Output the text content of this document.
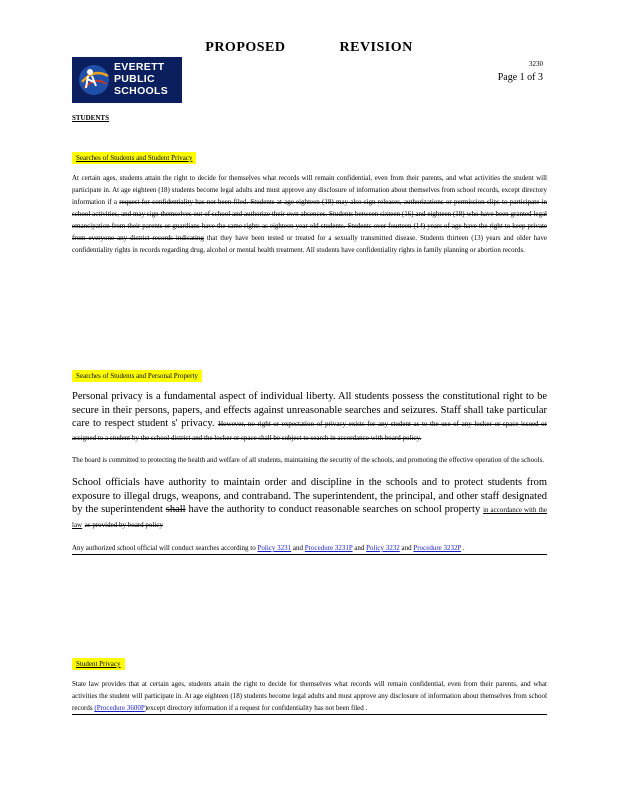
PROPOSED REVISION
EVERETT PUBLIC SCHOOLS
3230
Page 1 of 3
STUDENTS
Searches of Students and Student Privacy

At certain ages, students attain the right to decide for themselves what records will remain confidential, even from their parents, and what activities the student will participate in. At age eighteen (18) students become legal adults and must approve any disclosure of information about themselves from school records, except directory information if a request for confidentiality has not been filed. Students at age eighteen (18) may also sign releases, authorizations or permission slips to participate in school activities, and may sign themselves out of school and authorize their own absences. Students between sixteen (16) and eighteen (18) who have been granted legal emancipation from their parents or guardians have the same rights as eighteen year old students. Students over fourteen (14) years of age have the right to keep private from everyone any district records indicating that they have been tested or treated for a sexually transmitted disease. Students thirteen (13) years and older have confidentiality rights in records regarding drug, alcohol or mental health treatment. All students have confidentiality rights in family planning or abortion records.

Searches of Students and Personal Property

Personal privacy is a fundamental aspect of individual liberty. All students possess the constitutional right to be secure in their persons, papers, and effects against unreasonable searches and seizures. Staff shall take particular care to respect student s' privacy. However, no right or expectation of privacy exists for any student as to the use of any locker or space issued or assigned to a student by the school district and the locker or space shall be subject to search in accordance with board policy.

The board is committed to protecting the health and welfare of all students, maintaining the security of the schools, and promoting the effective operation of the schools.

School officials have authority to maintain order and discipline in the schools and to protect students from exposure to illegal drugs, weapons, and contraband. The superintendent, the principal, and other staff designated by the superintendent shall have the authority to conduct reasonable searches on school property in accordance with the law as provided by board policy

Any authorized school official will conduct searches according to Policy 3231 and Procedure 3231P and Policy 3232 and Procedure 3232P .

Student Privacy

State law provides that at certain ages, students attain the right to decide for themselves what records will remain confidential, even from their parents, and what activities the student will participate in. At age eighteen (18) students become legal adults and must approve any disclosure of information about themselves from school records (Procedure 3600P)except directory information if a request for confidentiality has not been filed .
